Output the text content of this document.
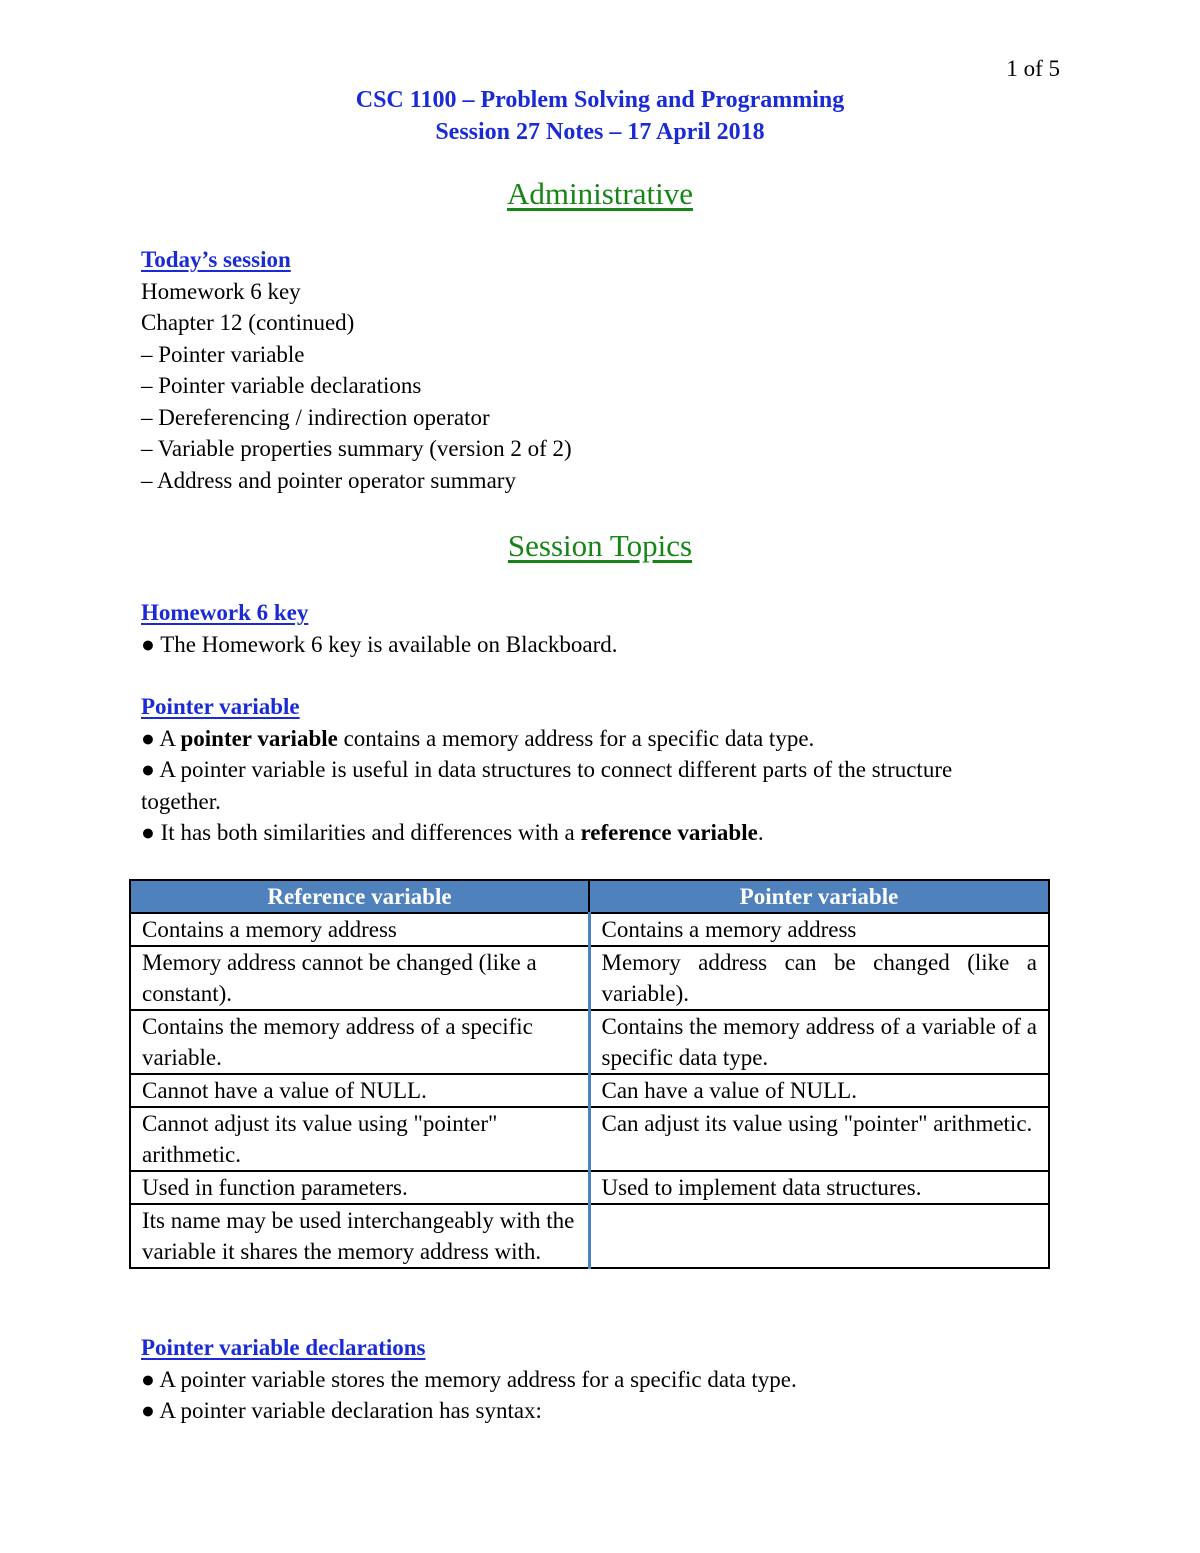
1 of 5
CSC 1100 – Problem Solving and Programming
Session 27 Notes – 17 April 2018
Administrative
Today’s session
Homework 6 key
Chapter 12 (continued)
– Pointer variable
– Pointer variable declarations
– Dereferencing / indirection operator
– Variable properties summary (version 2 of 2)
– Address and pointer operator summary
Session Topics
Homework 6 key
● The Homework 6 key is available on Blackboard.
Pointer variable
● A pointer variable contains a memory address for a specific data type.
● A pointer variable is useful in data structures to connect different parts of the structure together.
● It has both similarities and differences with a reference variable.
Reference variable	Pointer variable
Contains a memory address	Contains a memory address
Memory address cannot be changed (like a constant).	Memory address can be changed (like a variable).
Contains the memory address of a specific variable.	Contains the memory address of a variable of a specific data type.
Cannot have a value of NULL.	Can have a value of NULL.
Cannot adjust its value using "pointer" arithmetic.	Can adjust its value using "pointer" arithmetic.
Used in function parameters.	Used to implement data structures.
Its name may be used interchangeably with the variable it shares the memory address with.	
Pointer variable declarations
● A pointer variable stores the memory address for a specific data type.
● A pointer variable declaration has syntax:
